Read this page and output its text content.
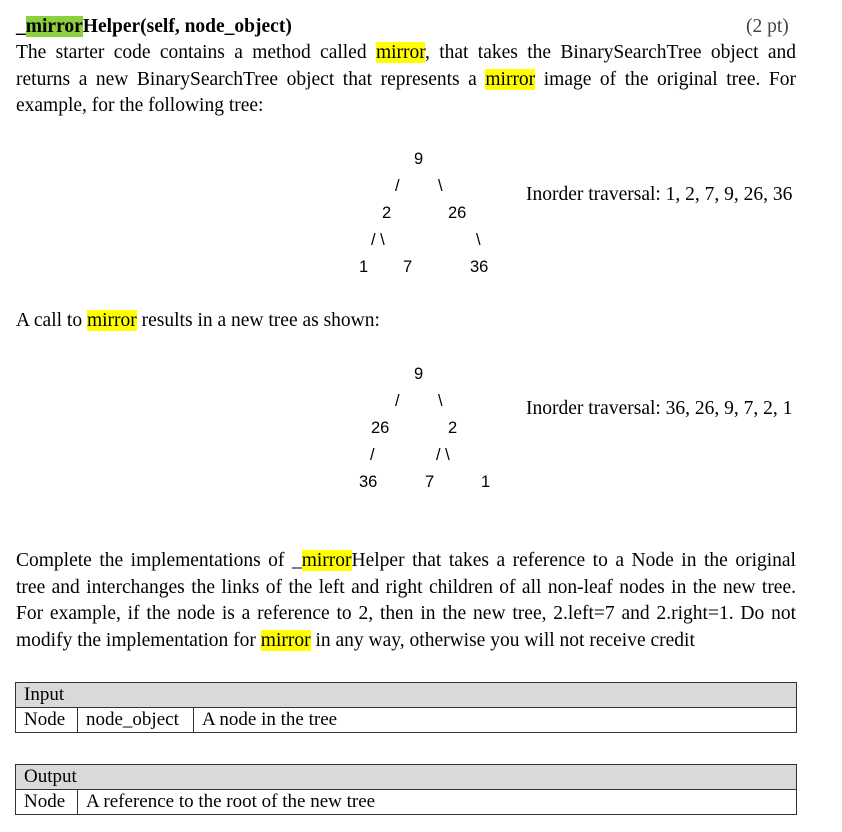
_mirrorHelper(self, node_object)	(2 pt)
The starter code contains a method called mirror, that takes the BinarySearchTree object and
returns a new BinarySearchTree object that represents a mirror image of the original tree. For
example, for the following tree:
9
/ \
2	26
/ \	\
1 7	36
Inorder traversal: 1, 2, 7, 9, 26, 36
A call to mirror results in a new tree as shown:
9
/ \
26	2
/	/ \
36	7	1
Inorder traversal: 36, 26, 9, 7, 2, 1
Complete the implementations of _mirrorHelper that takes a reference to a Node in the original
tree and interchanges the links of the left and right children of all non-leaf nodes in the new tree.
For example, if the node is a reference to 2, then in the new tree, 2.left=7 and 2.right=1. Do not
modify the implementation for mirror in any way, otherwise you will not receive credit
Input
Node	node_object	A node in the tree
Output
Node	A reference to the root of the new tree
